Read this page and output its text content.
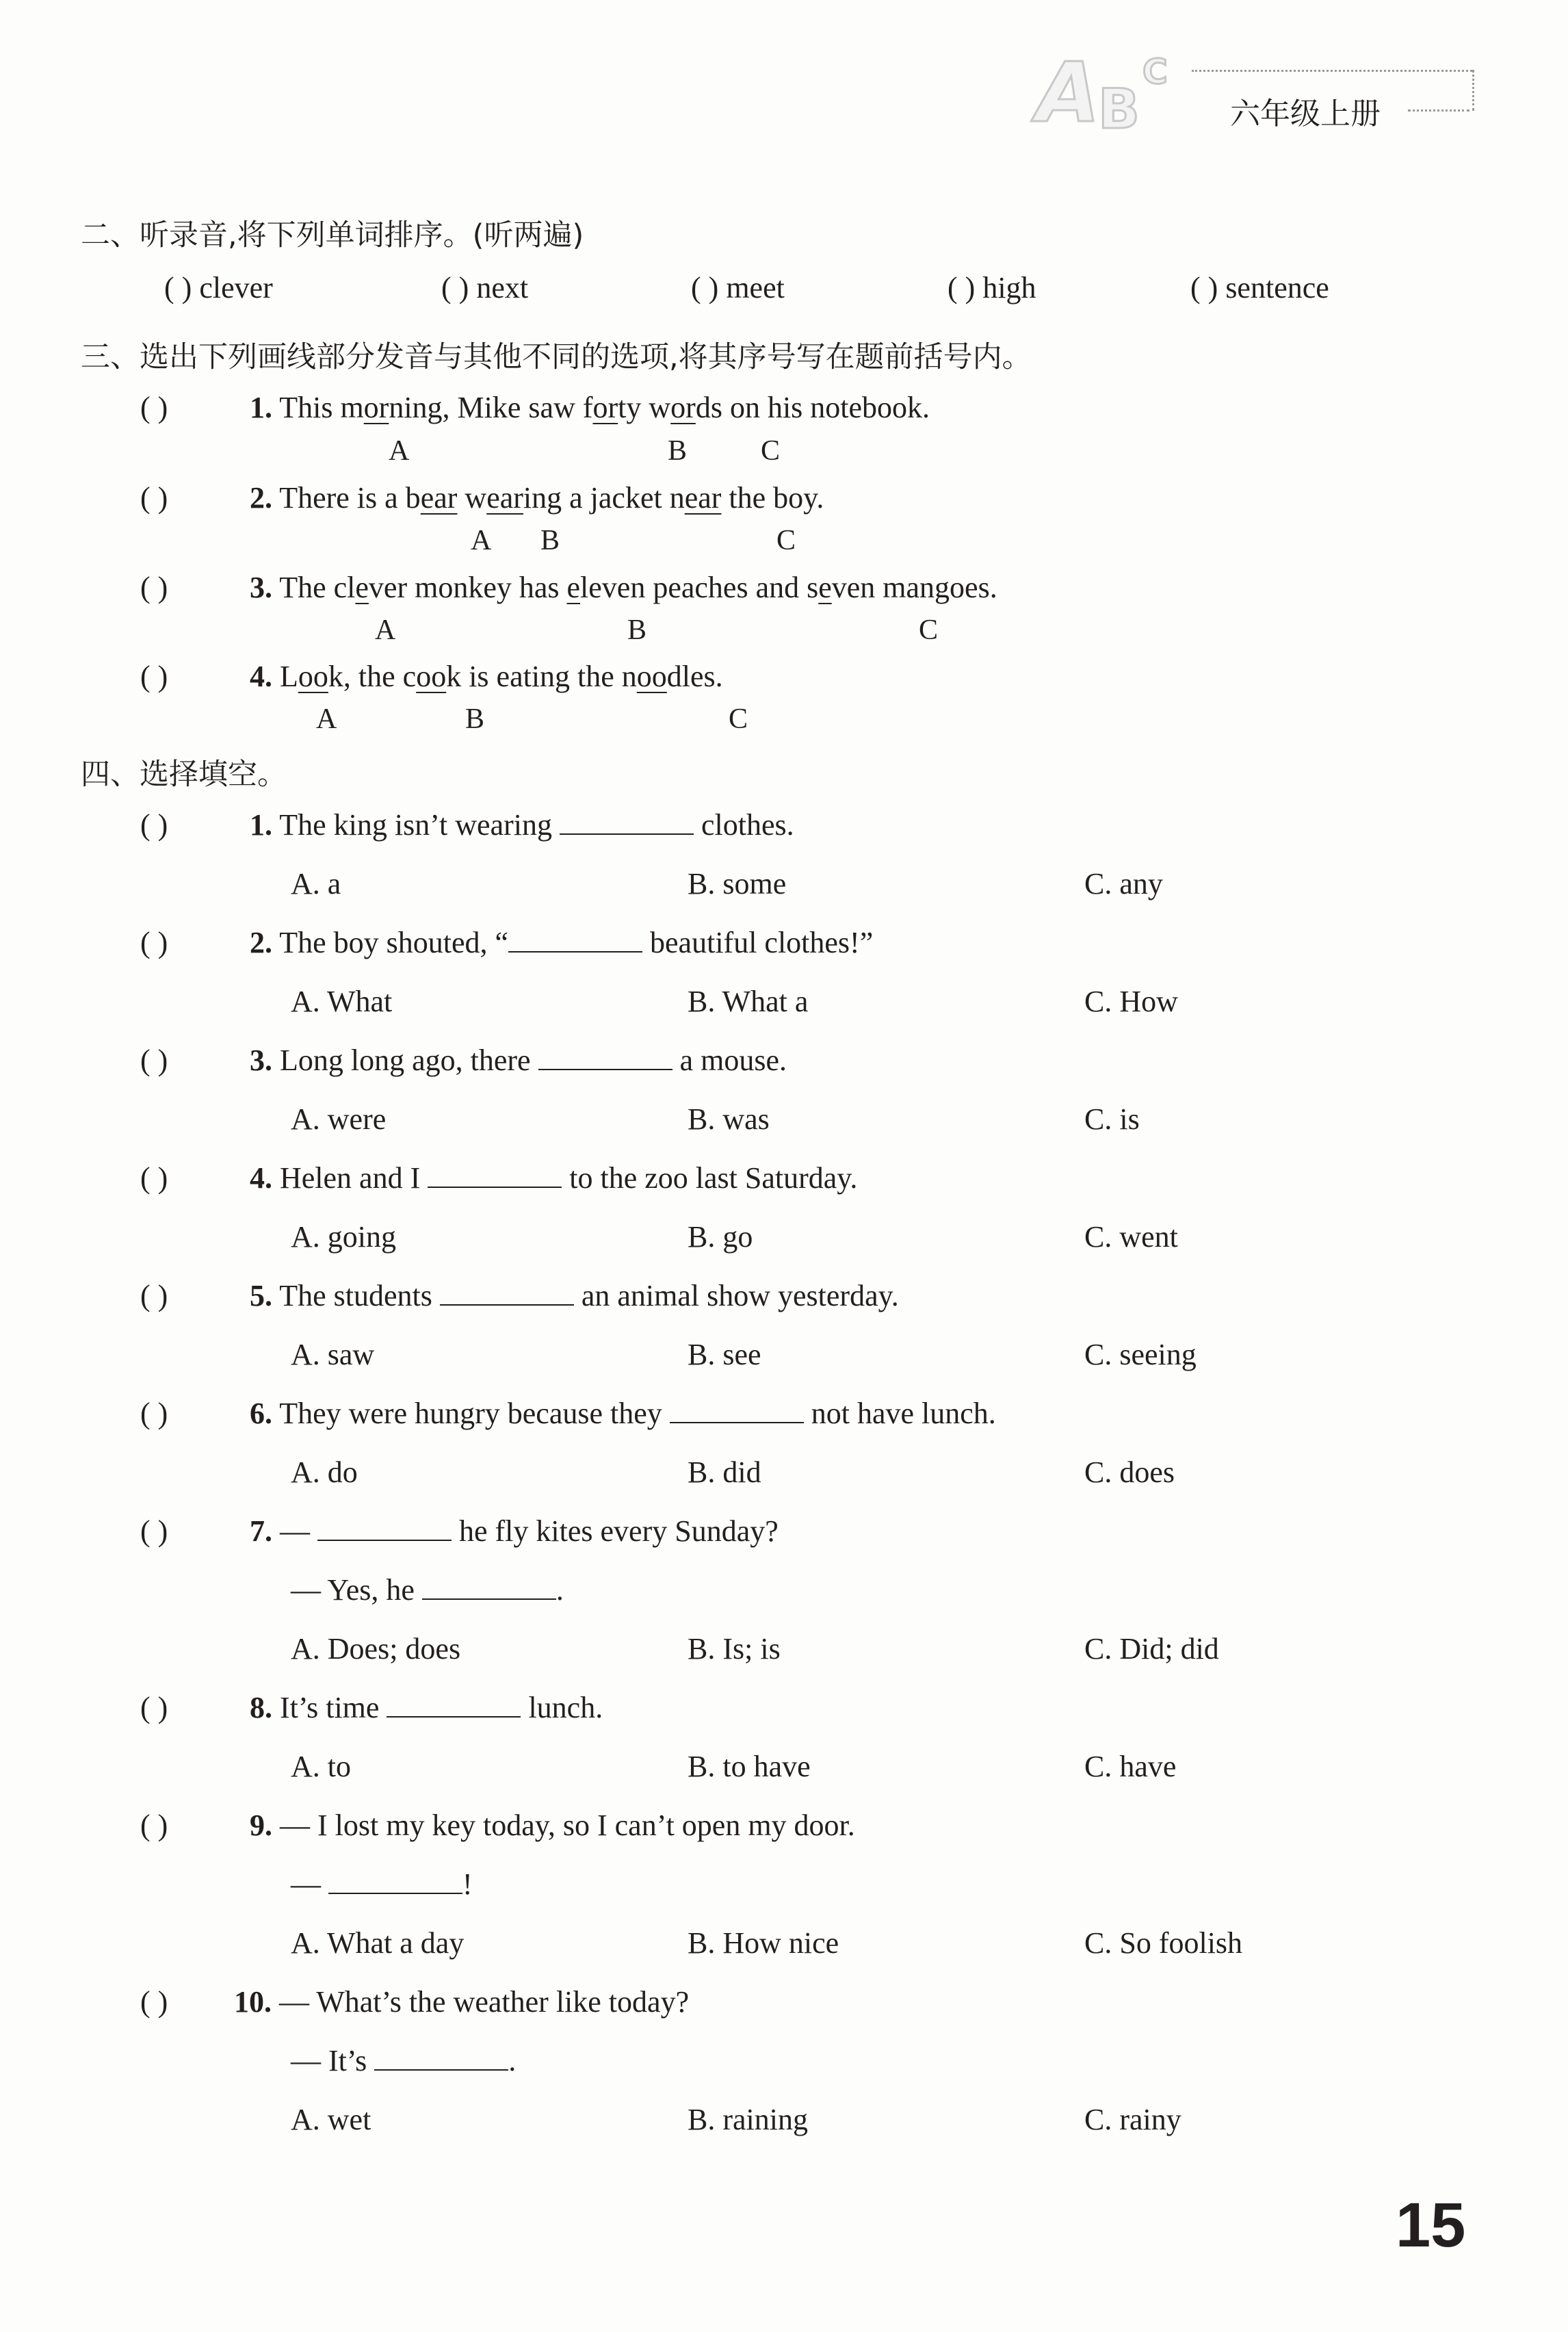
A
B
C
六年级上册
二、听录音,将下列单词排序。(听两遍)
( ) clever	( ) next	( ) meet	( ) high	( ) sentence
三、选出下列画线部分发音与其他不同的选项,将其序号写在题前括号内。
( )	1. This morning, Mike saw forty words on his notebook.
A	B	C
( )	2. There is a bear wearing a jacket near the boy.
A B	C
( )	3. The clever monkey has eleven peaches and seven mangoes.
A	B	C
( )	4. Look, the cook is eating the noodles.
A	B	C
四、选择填空。
( )	1. The king isn’t wearing	clothes.
A. a	B. some	C. any
( )	2. The boy shouted, “	beautiful clothes!”
A. What	B. What a	C. How
( )	3. Long long ago, there	a mouse.
A. were	B. was	C. is
( )	4. Helen and I	to the zoo last Saturday.
A. going	B. go	C. went
( )	5. The students	an animal show yesterday.
A. saw	B. see	C. seeing
( )	6. They were hungry because they	not have lunch.
A. do	B. did	C. does
( )	7. —	he fly kites every Sunday?
— Yes, he	.
A. Does; does	B. Is; is	C. Did; did
( )	8. It’s time	lunch.
A. to	B. to have	C. have
( )	9. — I lost my key today, so I can’t open my door.
—	!
A. What a day	B. How nice	C. So foolish
( ) 10. — What’s the weather like today?
— It’s	.
A. wet	B. raining	C. rainy
15
